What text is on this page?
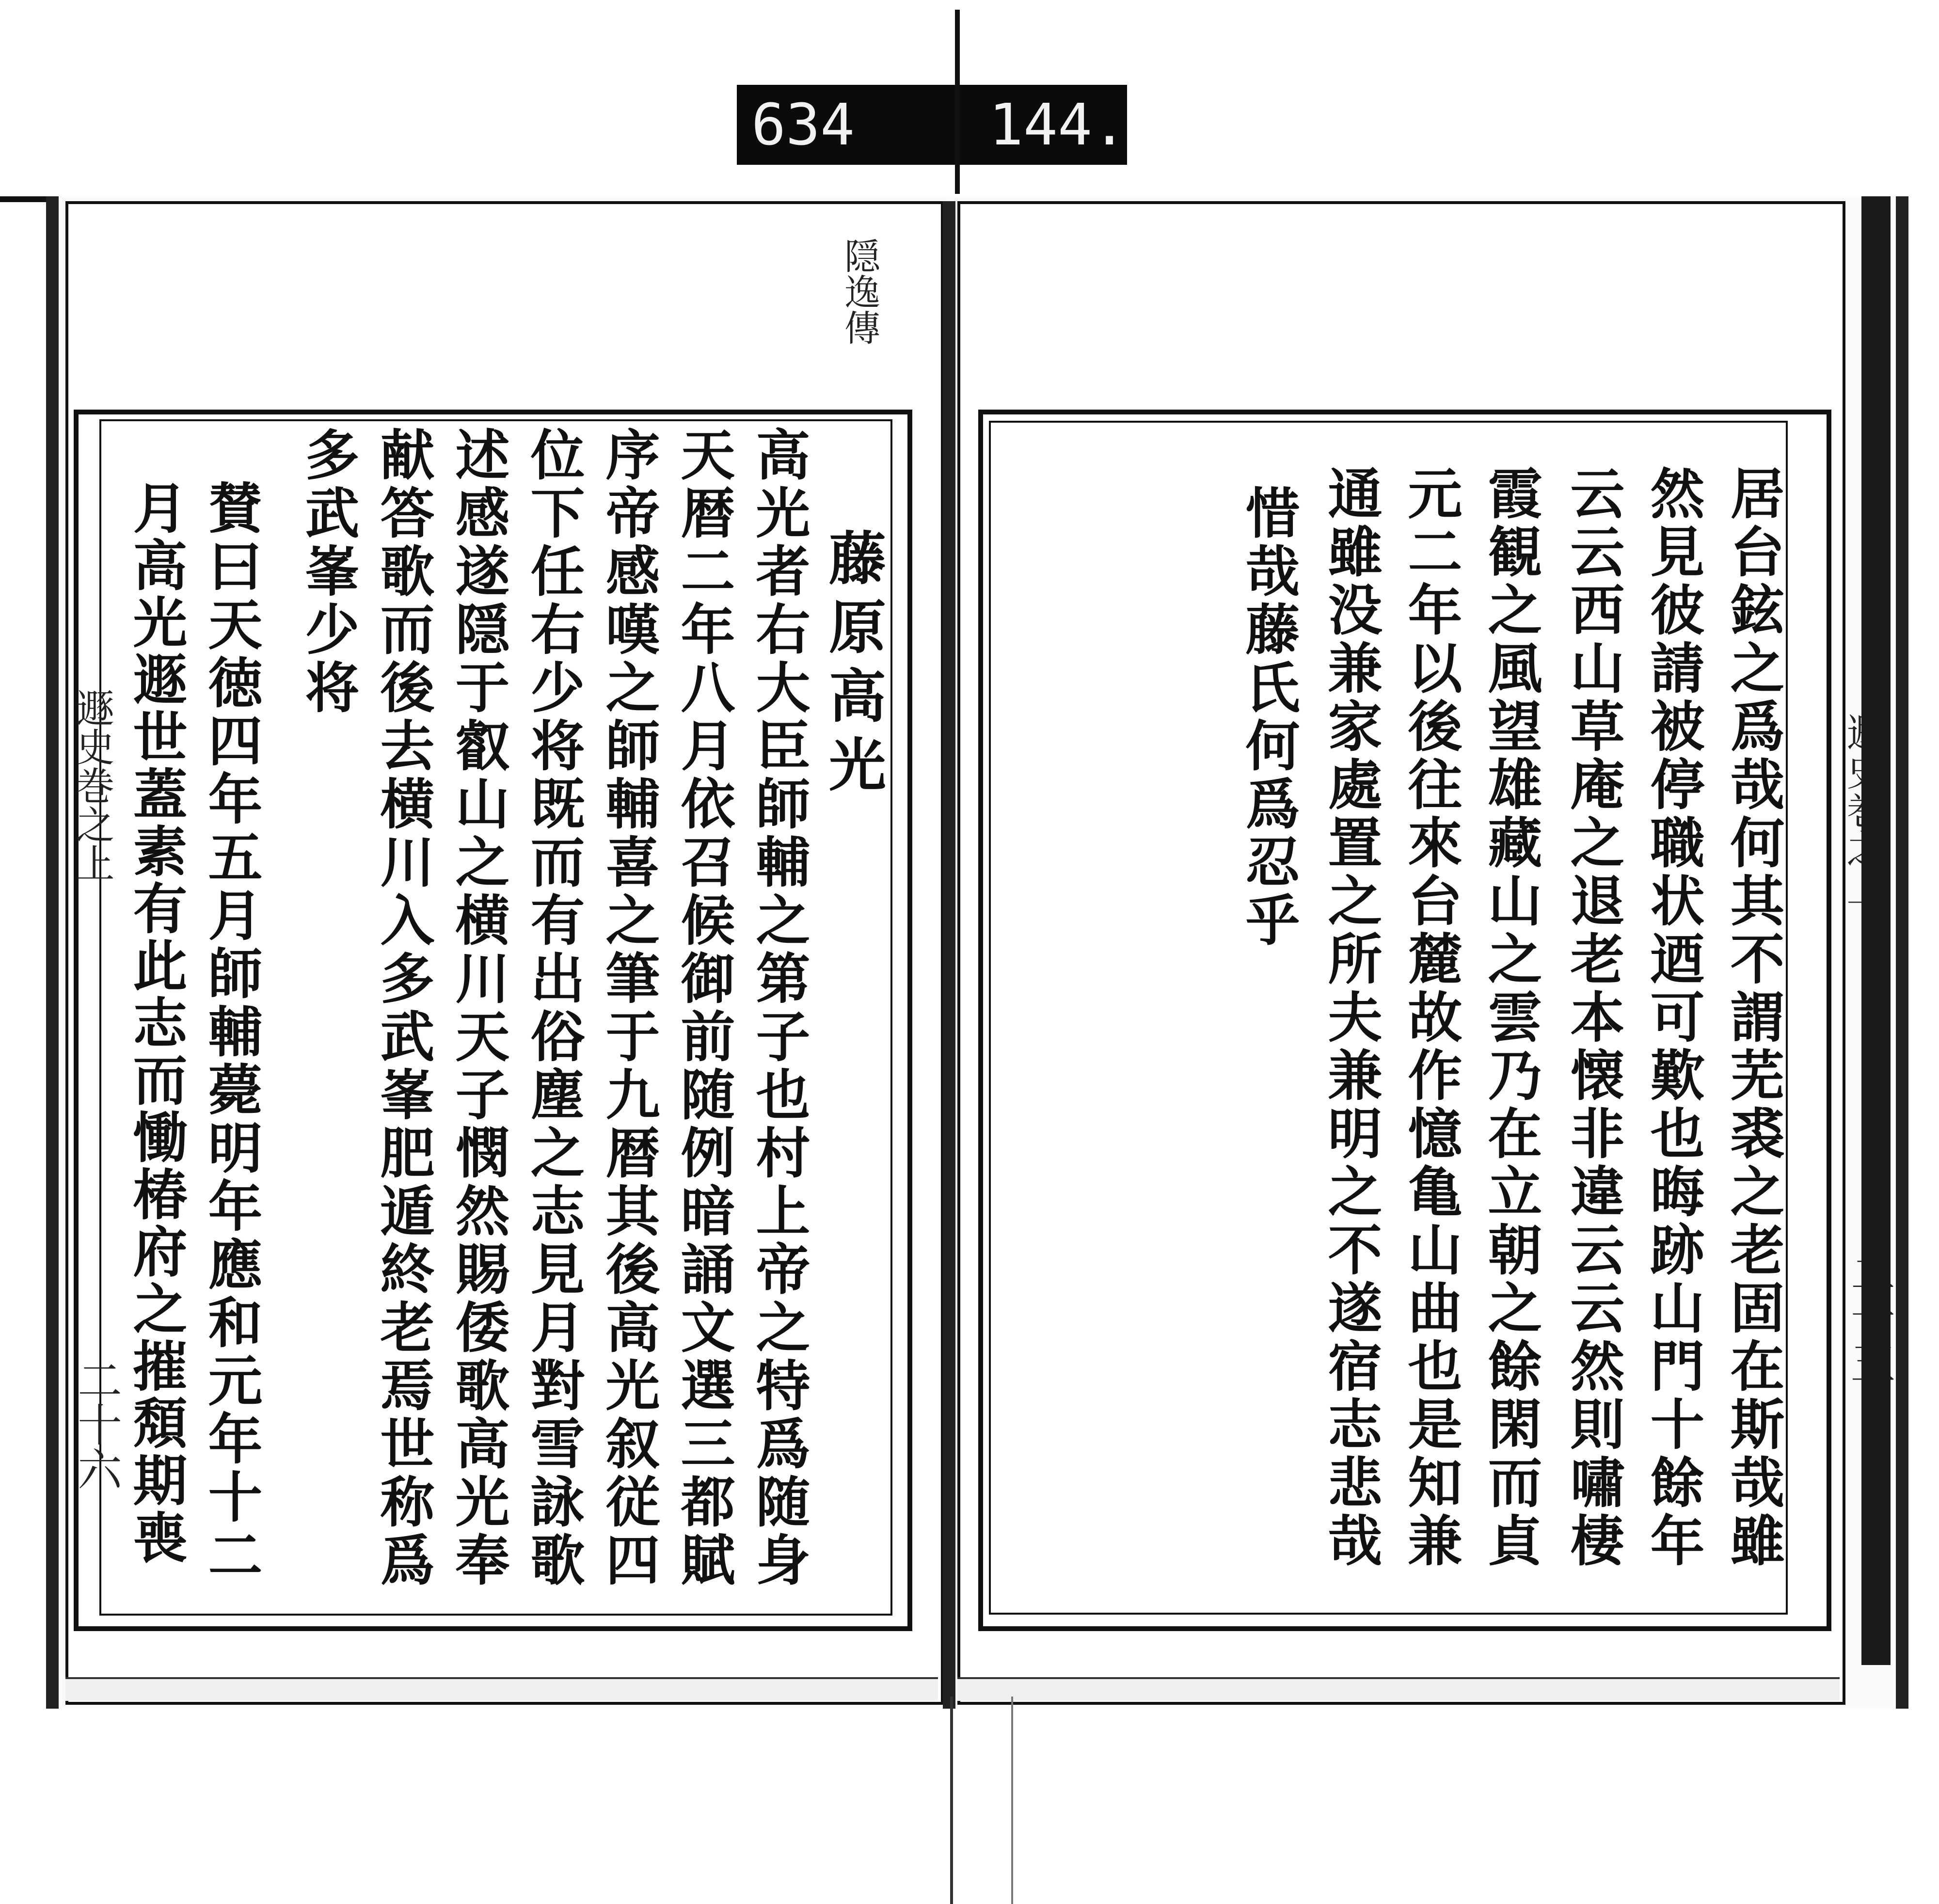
634 144.
隠逸傳
遯史巻之上
二十六
藤原高光
高光者右大臣師輔之第子也村上帝之特爲随身
天暦二年八月依召候御前随例暗誦文選三都賦
序帝感嘆之師輔喜之筆于九暦其後高光叙従四
位下任右少将既而有出俗塵之志見月對雪詠歌
述感遂隠于叡山之横川天子憫然賜倭歌高光奉
献答歌而後去横川入多武峯肥遁終老焉世称爲
多武峯少将
賛曰天徳四年五月師輔薨明年應和元年十二
月高光遯世蓋素有此志而慟椿府之摧頽期喪	居台鉉之爲哉何其不謂芜裘之老固在斯哉雖
然見彼請被停職状迺可歎也晦跡山門十餘年
云云西山草庵之退老本懐非違云云然則嘯棲
霞観之風望雄藏山之雲乃在立朝之餘閑而貞
元二年以後往來台麓故作憶亀山曲也是知兼
通雖没兼家處置之所夫兼明之不遂宿志悲哉
惜哉藤氏何爲忍乎
